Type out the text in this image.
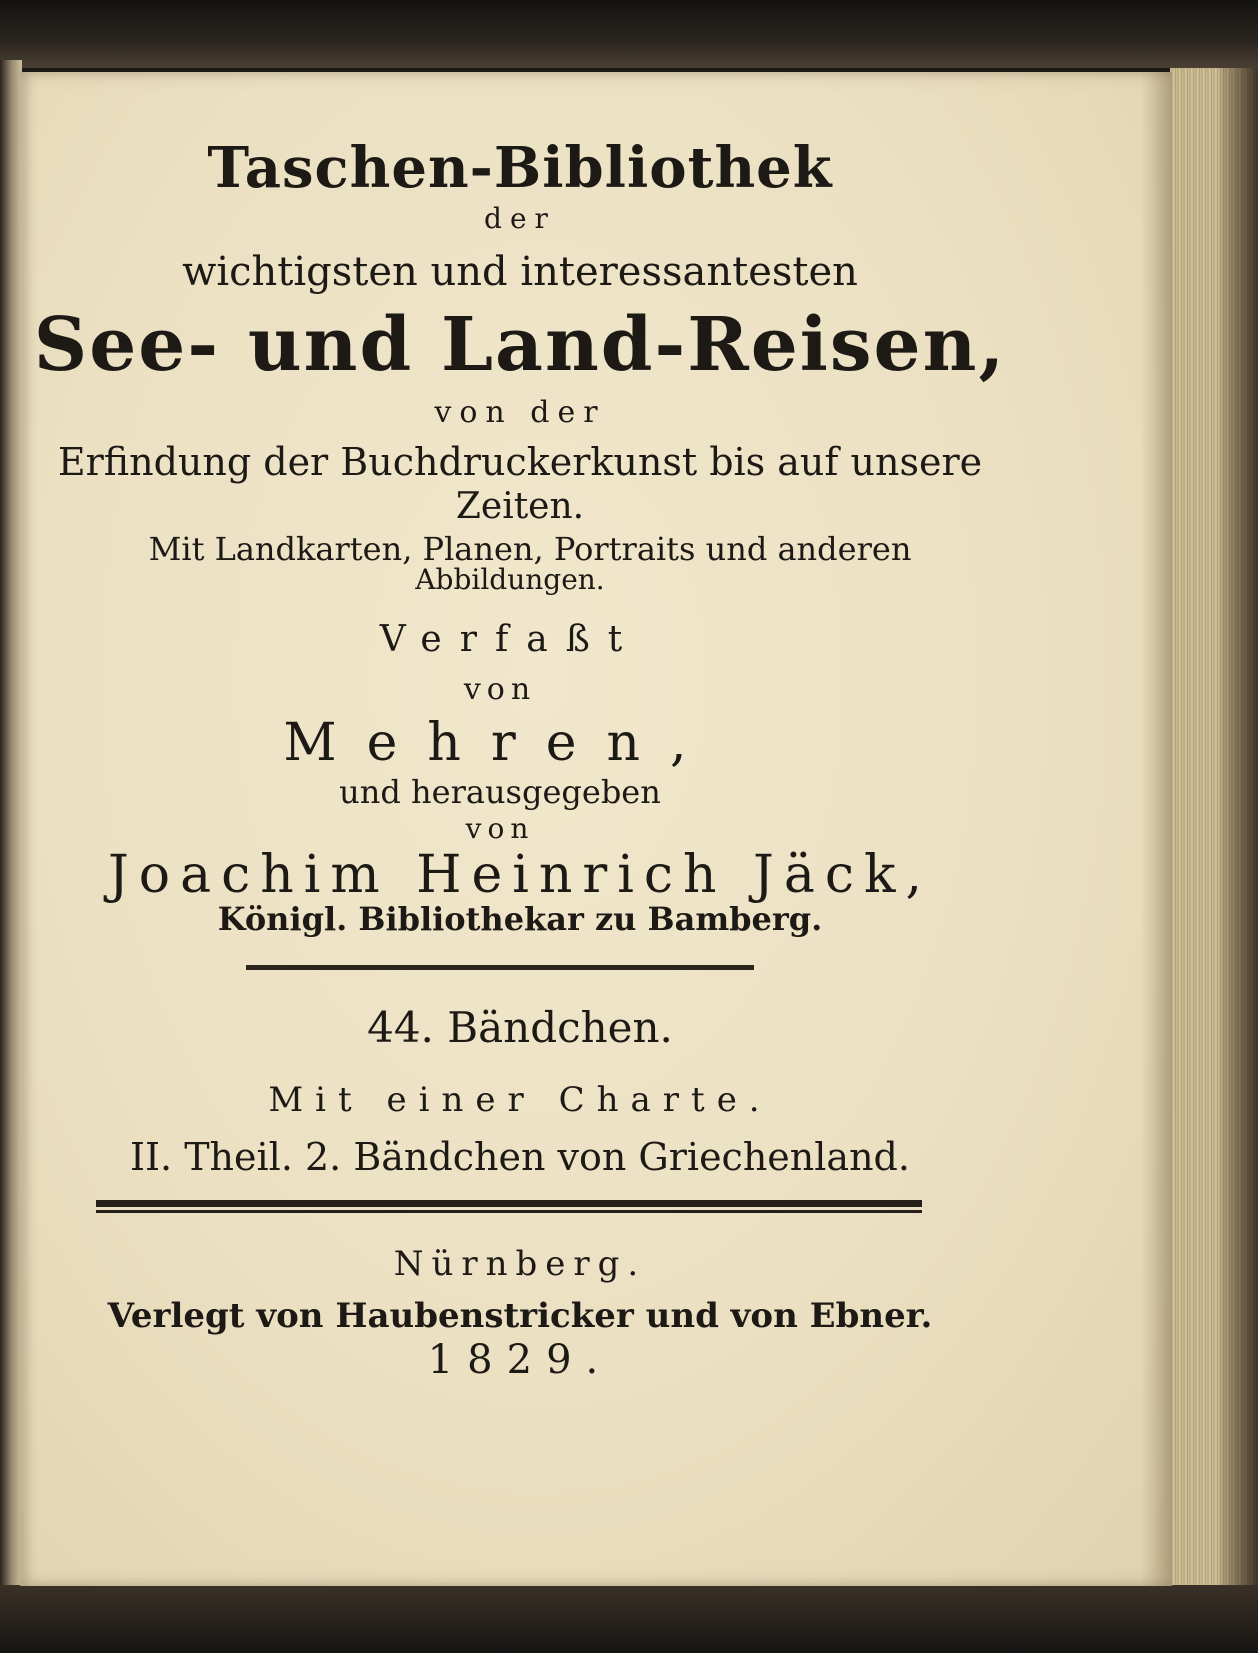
Taschen-Bibliothek
der
wichtigsten und interessantesten
See- und Land-Reisen,
von der
Erfindung der Buchdruckerkunst bis auf unsere
Zeiten.
Mit Landkarten, Planen, Portraits und anderen
Abbildungen.
Verfaßt
von
Mehren,
und herausgegeben
von
Joachim Heinrich Jäck,
Königl. Bibliothekar zu Bamberg.
44. Bändchen.
Mit einer Charte.
II. Theil. 2. Bändchen von Griechenland.
Nürnberg.
Verlegt von Haubenstricker und von Ebner.
1829.
